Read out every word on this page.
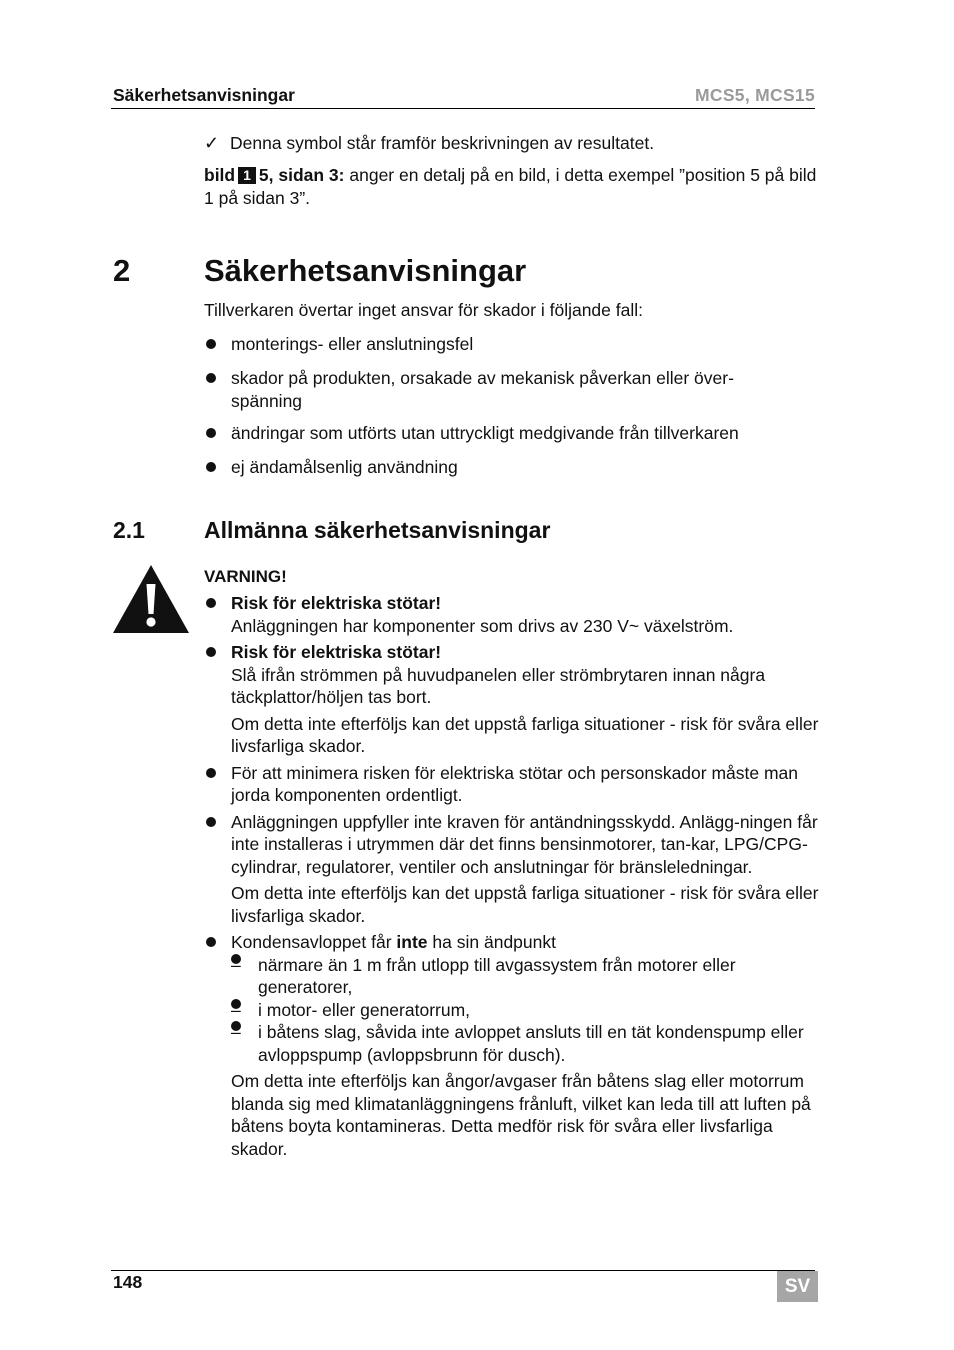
Säkerhetsanvisningar	MCS5, MCS15
✓ Denna symbol står framför beskrivningen av resultatet.
bild 1 5, sidan 3: anger en detalj på en bild, i detta exempel ”position 5 på bild 1 på sidan 3”.
2 Säkerhetsanvisningar
Tillverkaren övertar inget ansvar för skador i följande fall:
monterings- eller anslutningsfel
skador på produkten, orsakade av mekanisk påverkan eller över-spänning
ändringar som utförts utan uttryckligt medgivande från tillverkaren
ej ändamålsenlig användning
2.1	Allmänna säkerhetsanvisningar
VARNING!
Risk för elektriska stötar!
Anläggningen har komponenter som drivs av 230 V~ växelström.
Risk för elektriska stötar!
Slå ifrån strömmen på huvudpanelen eller strömbrytaren innan några täckplattor/höljen tas bort.

Om detta inte efterföljs kan det uppstå farliga situationer - risk för svåra eller livsfarliga skador.

För att minimera risken för elektriska stötar och personskador måste man jorda komponenten ordentligt.
Anläggningen uppfyller inte kraven för antändningsskydd. Anlägg-ningen får inte installeras i utrymmen där det finns bensinmotorer, tan-kar, LPG/CPG-cylindrar, regulatorer, ventiler och anslutningar för bränsleledningar.

Om detta inte efterföljs kan det uppstå farliga situationer - risk för svåra eller livsfarliga skador.

Kondensavloppet får inte ha sin ändpunkt
– närmare än 1 m från utlopp till avgassystem från motorer eller generatorer,
– i motor- eller generatorrum,
– i båtens slag, såvida inte avloppet ansluts till en tät kondenspump eller avloppspump (avloppsbrunn för dusch).

Om detta inte efterföljs kan ångor/avgaser från båtens slag eller motorrum blanda sig med klimatanläggningens frånluft, vilket kan leda till att luften på båtens boyta kontamineras. Detta medför risk för svåra eller livsfarliga skador.

148	SV
